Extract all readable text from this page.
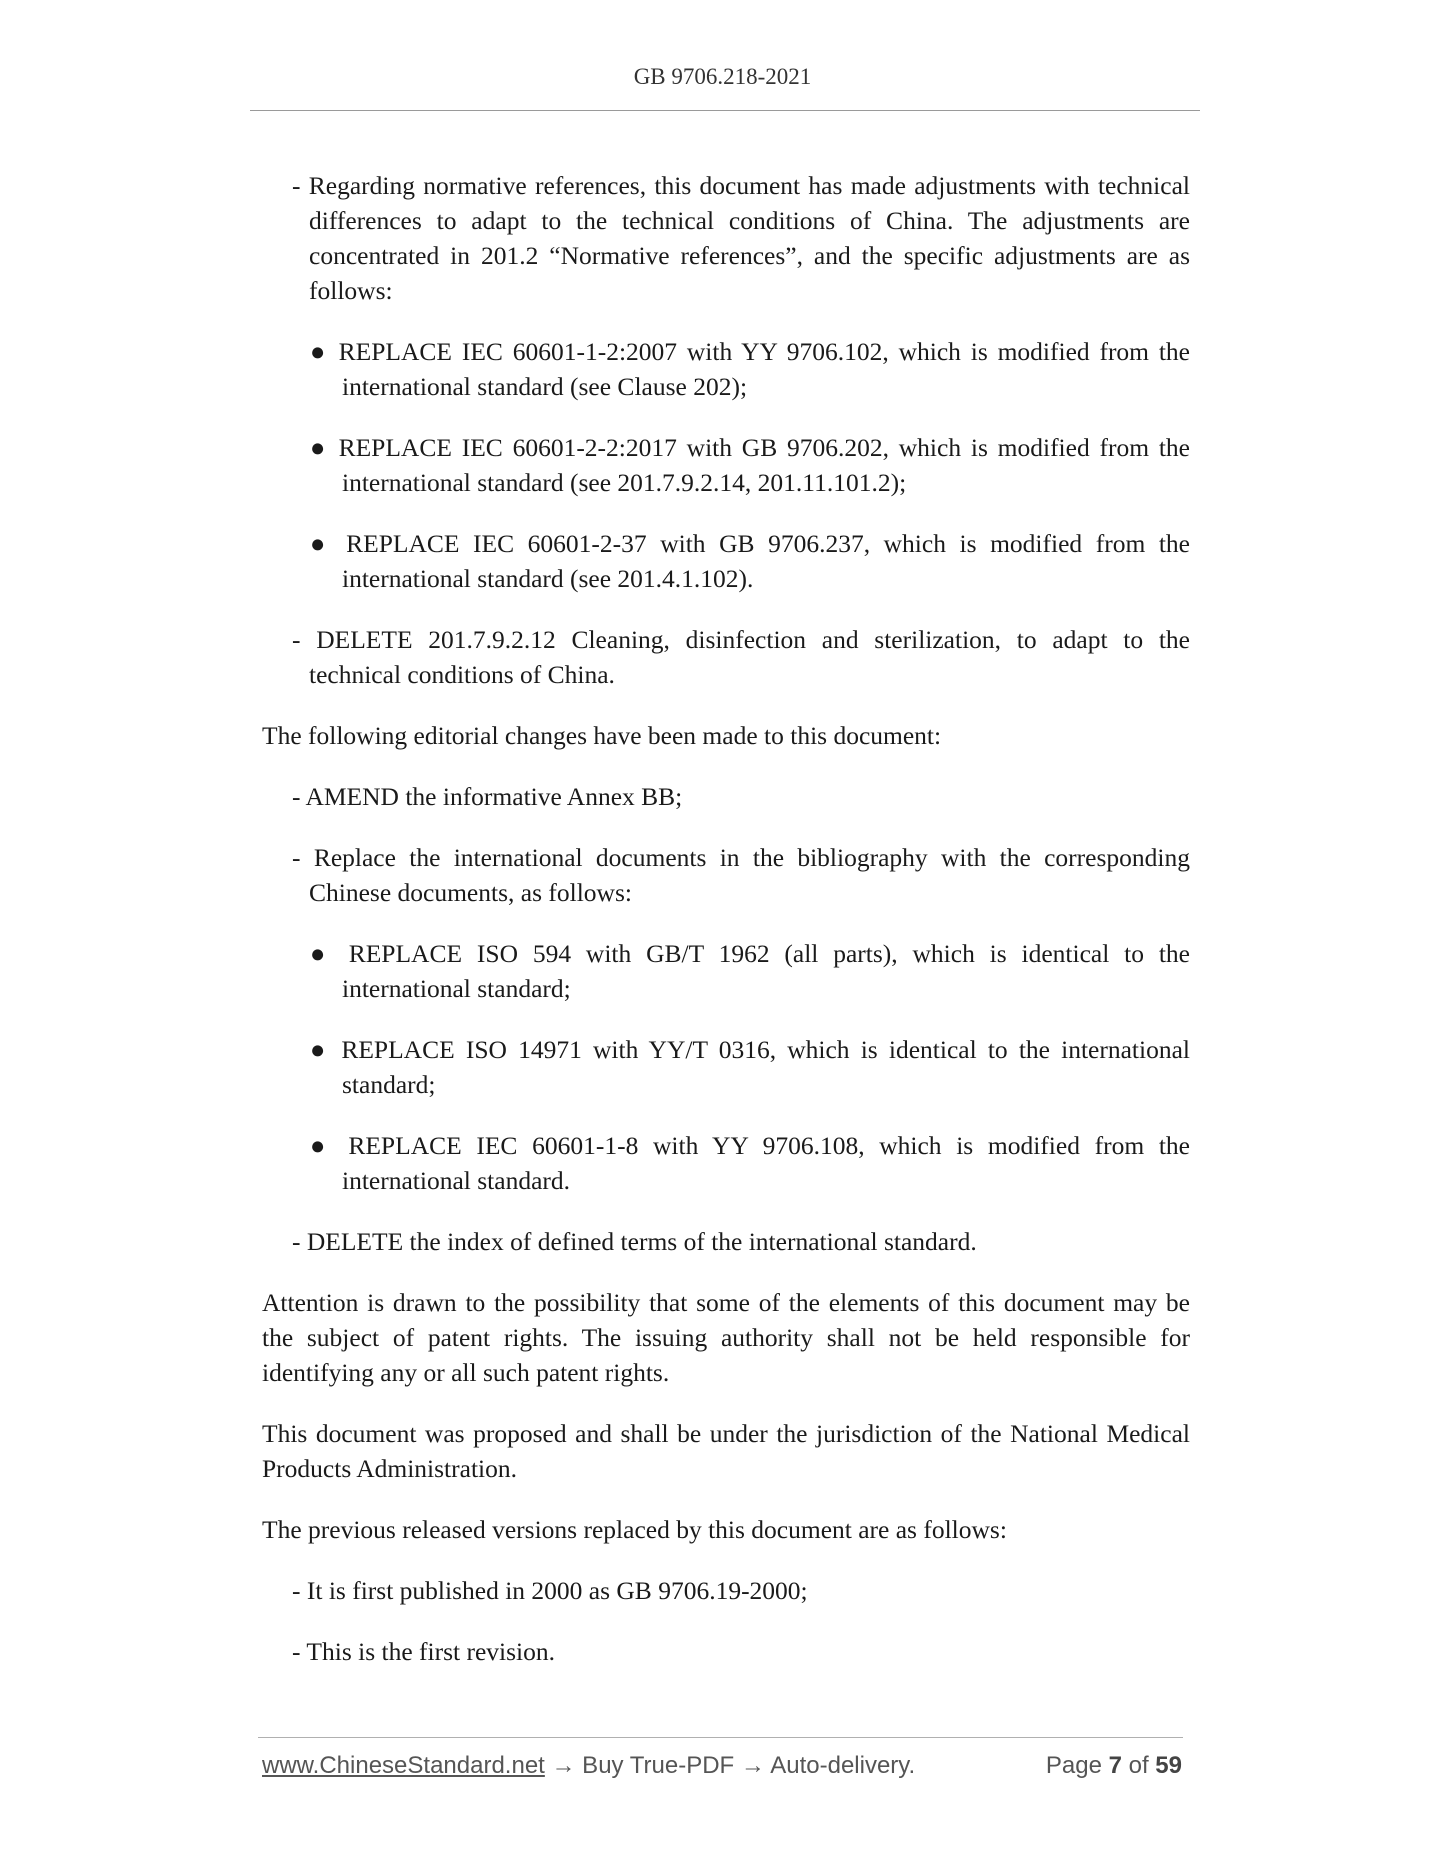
GB 9706.218-2021

- Regarding normative references, this document has made adjustments with technical differences to adapt to the technical conditions of China. The adjustments are concentrated in 201.2 “Normative references”, and the specific adjustments are as follows:

● REPLACE IEC 60601-1-2:2007 with YY 9706.102, which is modified from the international standard (see Clause 202);

● REPLACE IEC 60601-2-2:2017 with GB 9706.202, which is modified from the international standard (see 201.7.9.2.14, 201.11.101.2);

● REPLACE IEC 60601-2-37 with GB 9706.237, which is modified from the international standard (see 201.4.1.102).

- DELETE 201.7.9.2.12 Cleaning, disinfection and sterilization, to adapt to the technical conditions of China.

The following editorial changes have been made to this document:

- AMEND the informative Annex BB;

- Replace the international documents in the bibliography with the corresponding Chinese documents, as follows:

● REPLACE ISO 594 with GB/T 1962 (all parts), which is identical to the international standard;

● REPLACE ISO 14971 with YY/T 0316, which is identical to the international standard;

● REPLACE IEC 60601-1-8 with YY 9706.108, which is modified from the international standard.

- DELETE the index of defined terms of the international standard.

Attention is drawn to the possibility that some of the elements of this document may be the subject of patent rights. The issuing authority shall not be held responsible for identifying any or all such patent rights.

This document was proposed and shall be under the jurisdiction of the National Medical Products Administration.

The previous released versions replaced by this document are as follows:

- It is first published in 2000 as GB 9706.19-2000;

- This is the first revision.

www.ChineseStandard.net → Buy True-PDF → Auto-delivery.	Page 7 of 59
